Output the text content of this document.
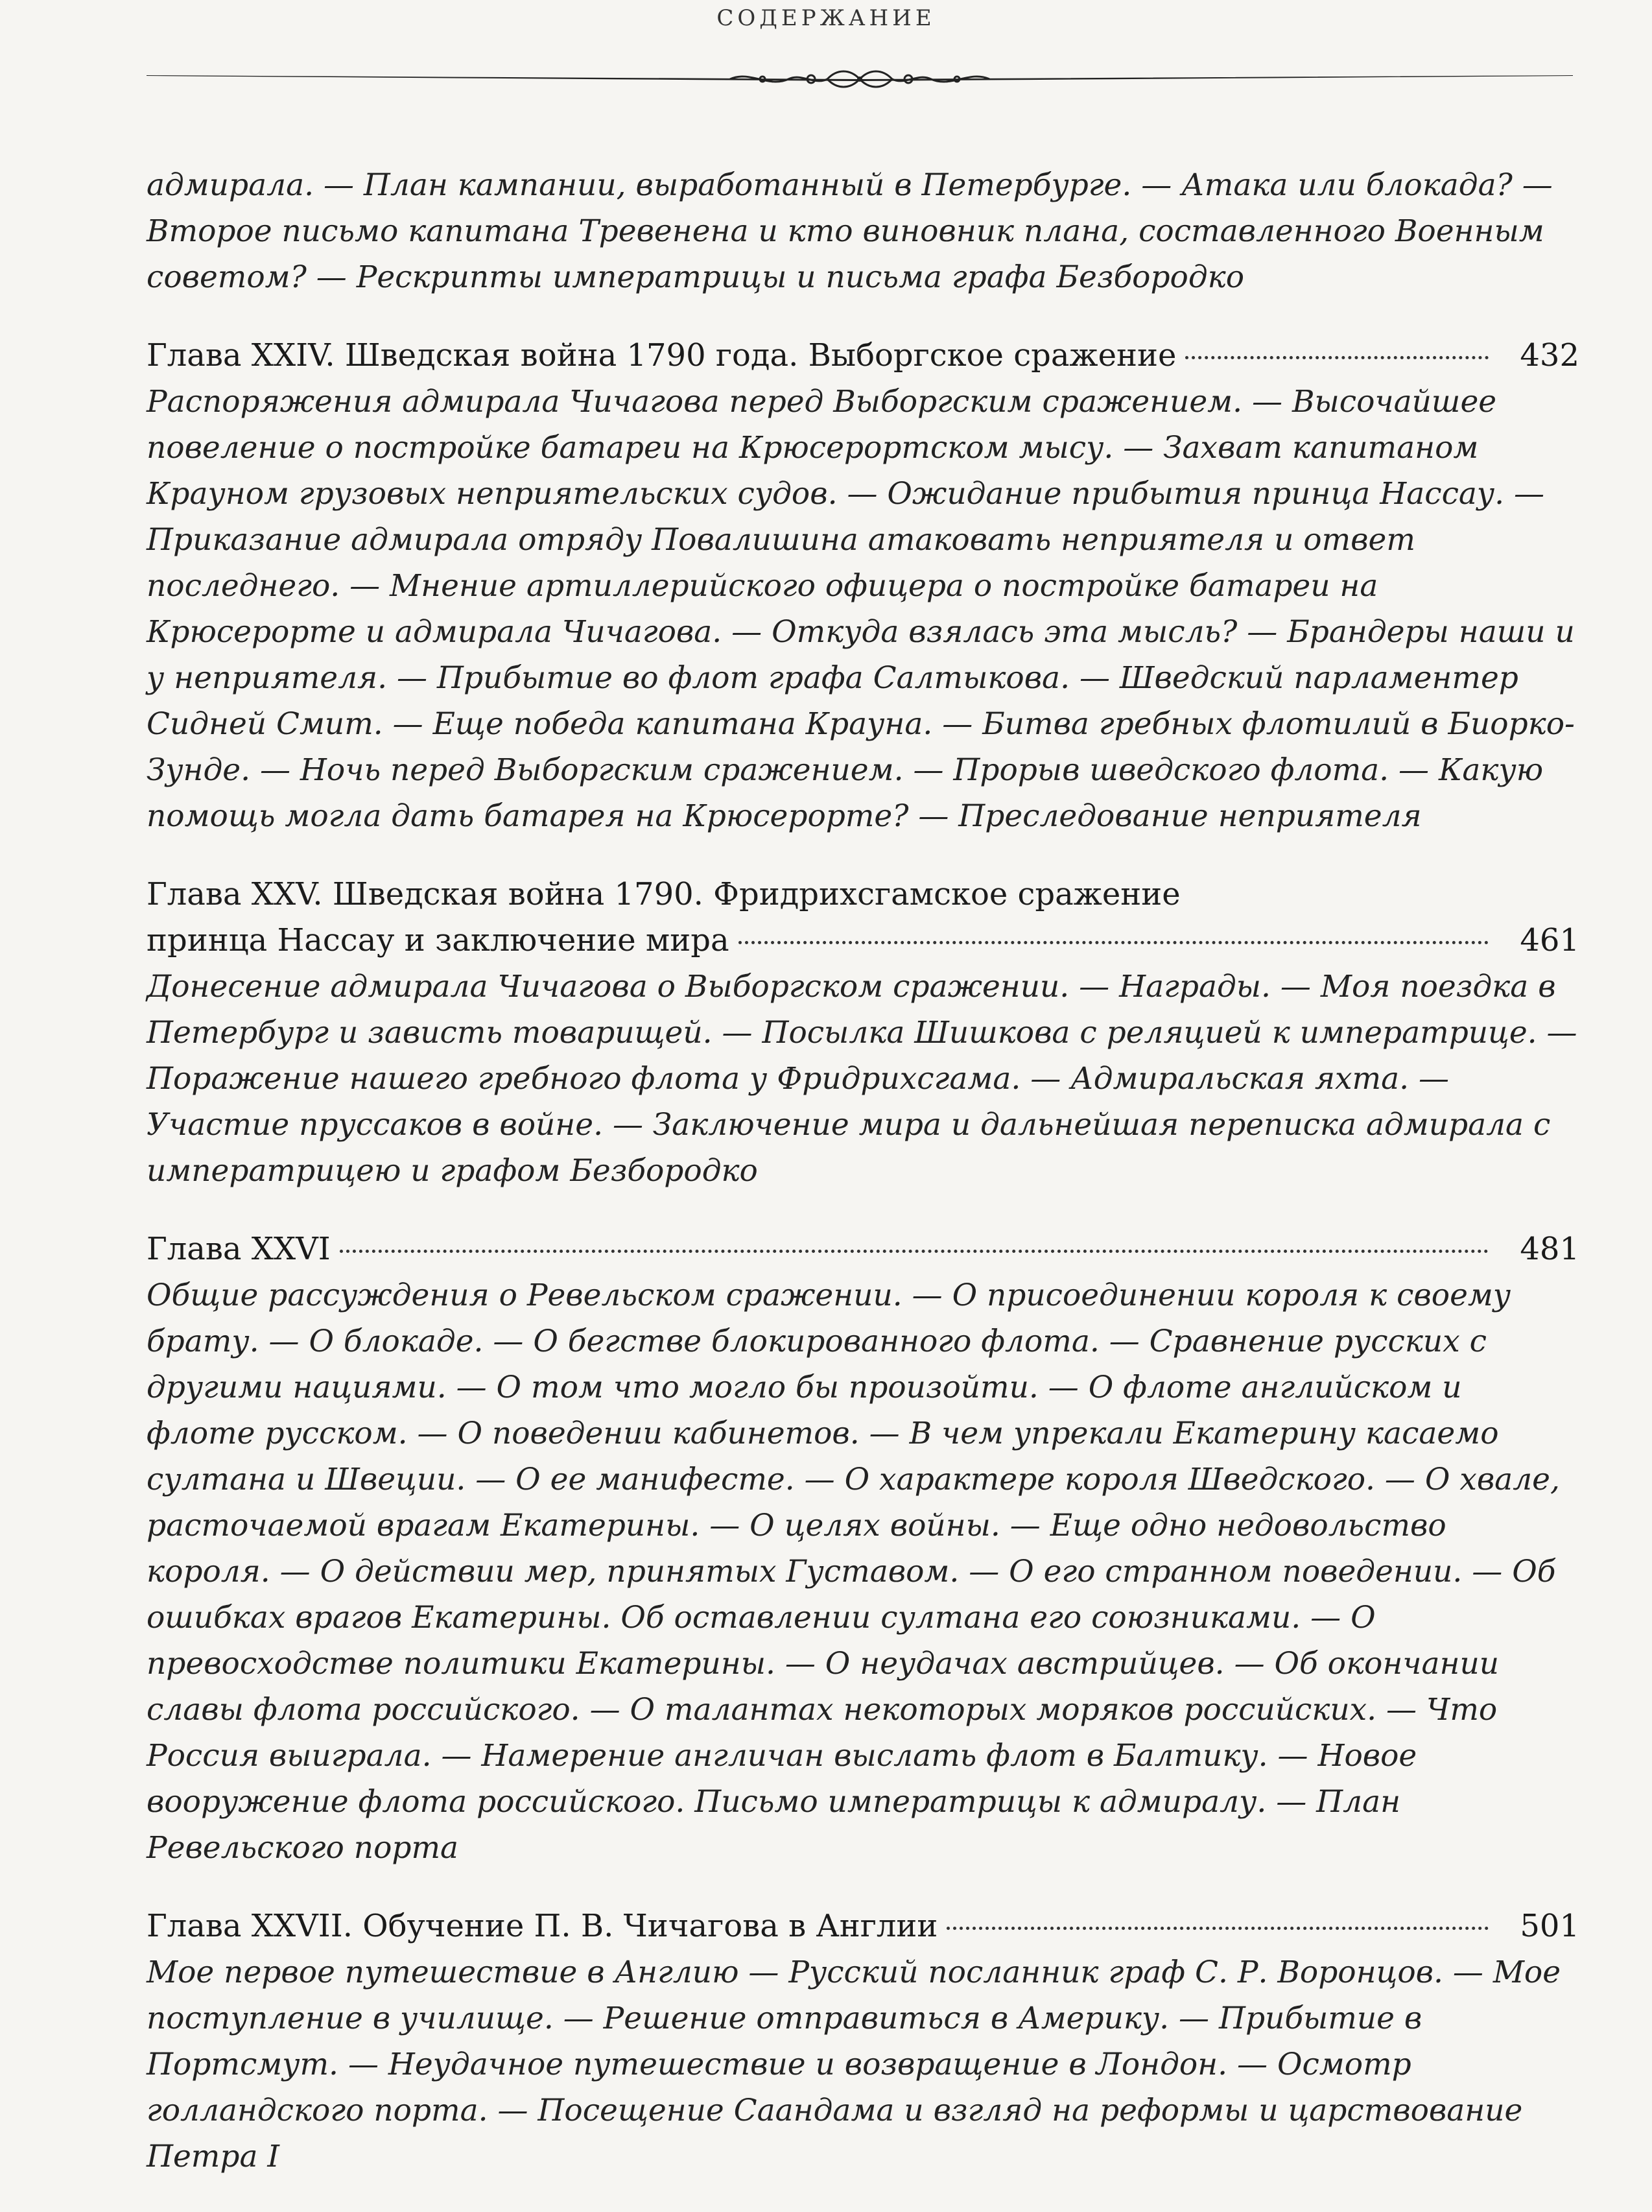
СОДЕРЖАНИЕ
адмирала. — План кампании, выработанный в Петербурге. — Атака или блокада? — Второе письмо капитана Тревенена и кто виновник плана, составленного Военным советом? — Рескрипты императрицы и письма графа Безбородко
Глава XXIV. Шведская война 1790 года. Выборгское сражение	432
Распоряжения адмирала Чичагова перед Выборгским сражением. — Высочайшее повеление о постройке батареи на Крюсерортском мысу. — Захват капитаном Крауном грузовых неприятельских судов. — Ожидание прибытия принца Нассау. — Приказание адмирала отряду Повалишина атаковать неприятеля и ответ последнего. — Мнение артиллерийского офицера о постройке батареи на Крюсерорте и адмирала Чичагова. — Откуда взялась эта мысль? — Брандеры наши и у неприятеля. — Прибытие во флот графа Салтыкова. — Шведский парламентер Сидней Смит. — Еще победа капитана Крауна. — Битва гребных флотилий в Биорко-Зунде. — Ночь перед Выборгским сражением. — Прорыв шведского флота. — Какую помощь могла дать батарея на Крюсерорте? — Преследование неприятеля
Глава XXV. Шведская война 1790. Фридрихсгамское сражение
принца Нассау и заключение мира	461
Донесение адмирала Чичагова о Выборгском сражении. — Награды. — Моя поездка в Петербург и зависть товарищей. — Посылка Шишкова с реляцией к императрице. — Поражение нашего гребного флота у Фридрихсгама. — Адмиральская яхта. — Участие пруссаков в войне. — Заключение мира и дальнейшая переписка адмирала с императрицею и графом Безбородко
Глава XXVI	481
Общие рассуждения о Ревельском сражении. — О присоединении короля к своему брату. — О блокаде. — О бегстве блокированного флота. — Сравнение русских с другими нациями. — О том что могло бы произойти. — О флоте английском и флоте русском. — О поведении кабинетов. — В чем упрекали Екатерину касаемо султана и Швеции. — О ее манифесте. — О характере короля Шведского. — О хвале, расточаемой врагам Екатерины. — О целях войны. — Еще одно недовольство короля. — О действии мер, принятых Густавом. — О его странном поведении. — Об ошибках врагов Екатерины. Об оставлении султана его союзниками. — О превосходстве политики Екатерины. — О неудачах австрийцев. — Об окончании славы флота российского. — О талантах некоторых моряков российских. — Что Россия выиграла. — Намерение англичан выслать флот в Балтику. — Новое вооружение флота российского. Письмо императрицы к адмиралу. — План Ревельского порта
Глава XXVII. Обучение П. В. Чичагова в Англии	501
Мое первое путешествие в Англию — Русский посланник граф С. Р. Воронцов. — Мое поступление в училище. — Решение отправиться в Америку. — Прибытие в Портсмут. — Неудачное путешествие и возвращение в Лондон. — Осмотр голландского порта. — Посещение Саандама и взгляд на реформы и царствование Петра I
